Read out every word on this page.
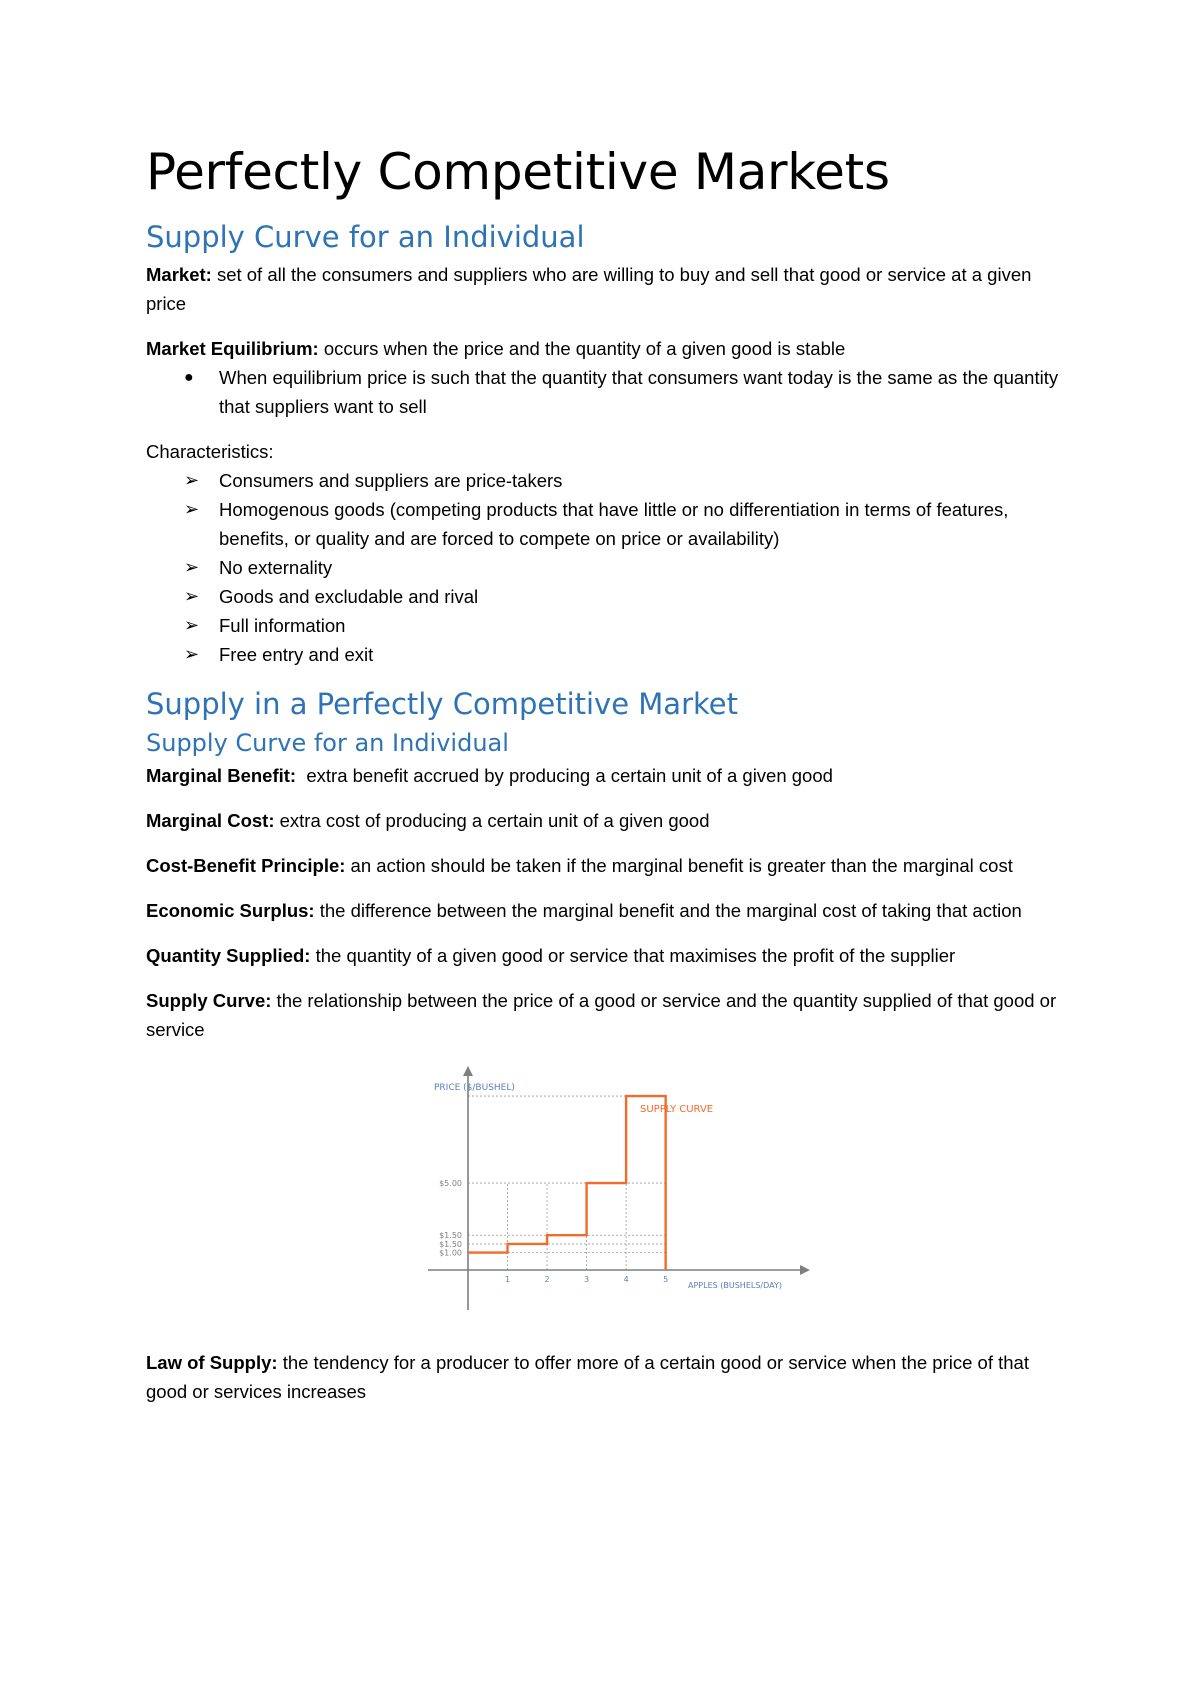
Perfectly Competitive Markets
Supply Curve for an Individual

Market: set of all the consumers and suppliers who are willing to buy and sell that good or service at a given price

Market Equilibrium: occurs when the price and the quantity of a given good is stable

● When equilibrium price is such that the quantity that consumers want today is the same as the quantity that suppliers want to sell

Characteristics:

➢ Consumers and suppliers are price-takers
➢ Homogenous goods (competing products that have little or no differentiation in terms of features, benefits, or quality and are forced to compete on price or availability)
➢ No externality
➢ Goods and excludable and rival
➢ Full information
➢ Free entry and exit
Supply in a Perfectly Competitive Market
Supply Curve for an Individual

Marginal Benefit:  extra benefit accrued by producing a certain unit of a given good

Marginal Cost: extra cost of producing a certain unit of a given good

Cost-Benefit Principle: an action should be taken if the marginal benefit is greater than the marginal cost

Economic Surplus: the difference between the marginal benefit and the marginal cost of taking that action

Quantity Supplied: the quantity of a given good or service that maximises the profit of the supplier

Supply Curve: the relationship between the price of a good or service and the quantity supplied of that good or service

$5.00
$1.50
$1.50
$1.00
1	2	3	4	5
PRICE ($/BUSHEL)
APPLES (BUSHELS/DAY)
SUPPLY CURVE

Law of Supply: the tendency for a producer to offer more of a certain good or service when the price of that good or services increases
